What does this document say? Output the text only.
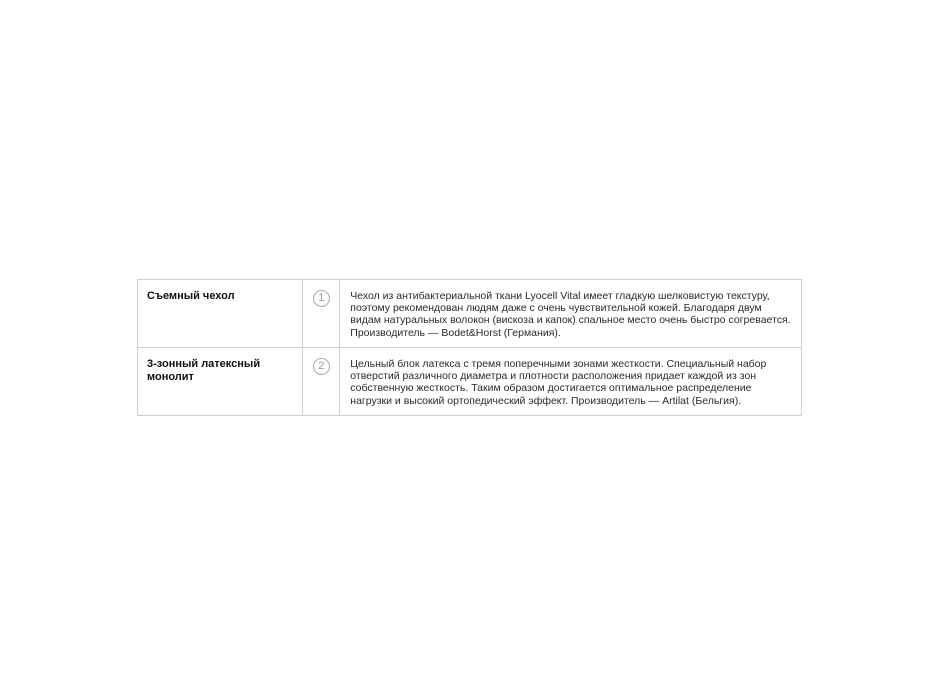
Съемный чехол	1	Чехол из антибактериальной ткани Lyocell Vital имеет гладкую шелковистую текстуру, поэтому рекомендован людям даже с очень чувствительной кожей. Благодаря двум видам натуральных волокон (вискоза и капок) спальное место очень быстро согревается. Производитель — Bodet&Horst (Германия).

3-зонный латексный монолит	2	Цельный блок латекса с тремя поперечными зонами жесткости. Специальный набор отверстий различного диаметра и плотности расположения придает каждой из зон собственную жесткость. Таким образом достигается оптимальное распределение нагрузки и высокий ортопедический эффект. Производитель — Artilat (Бельгия).
